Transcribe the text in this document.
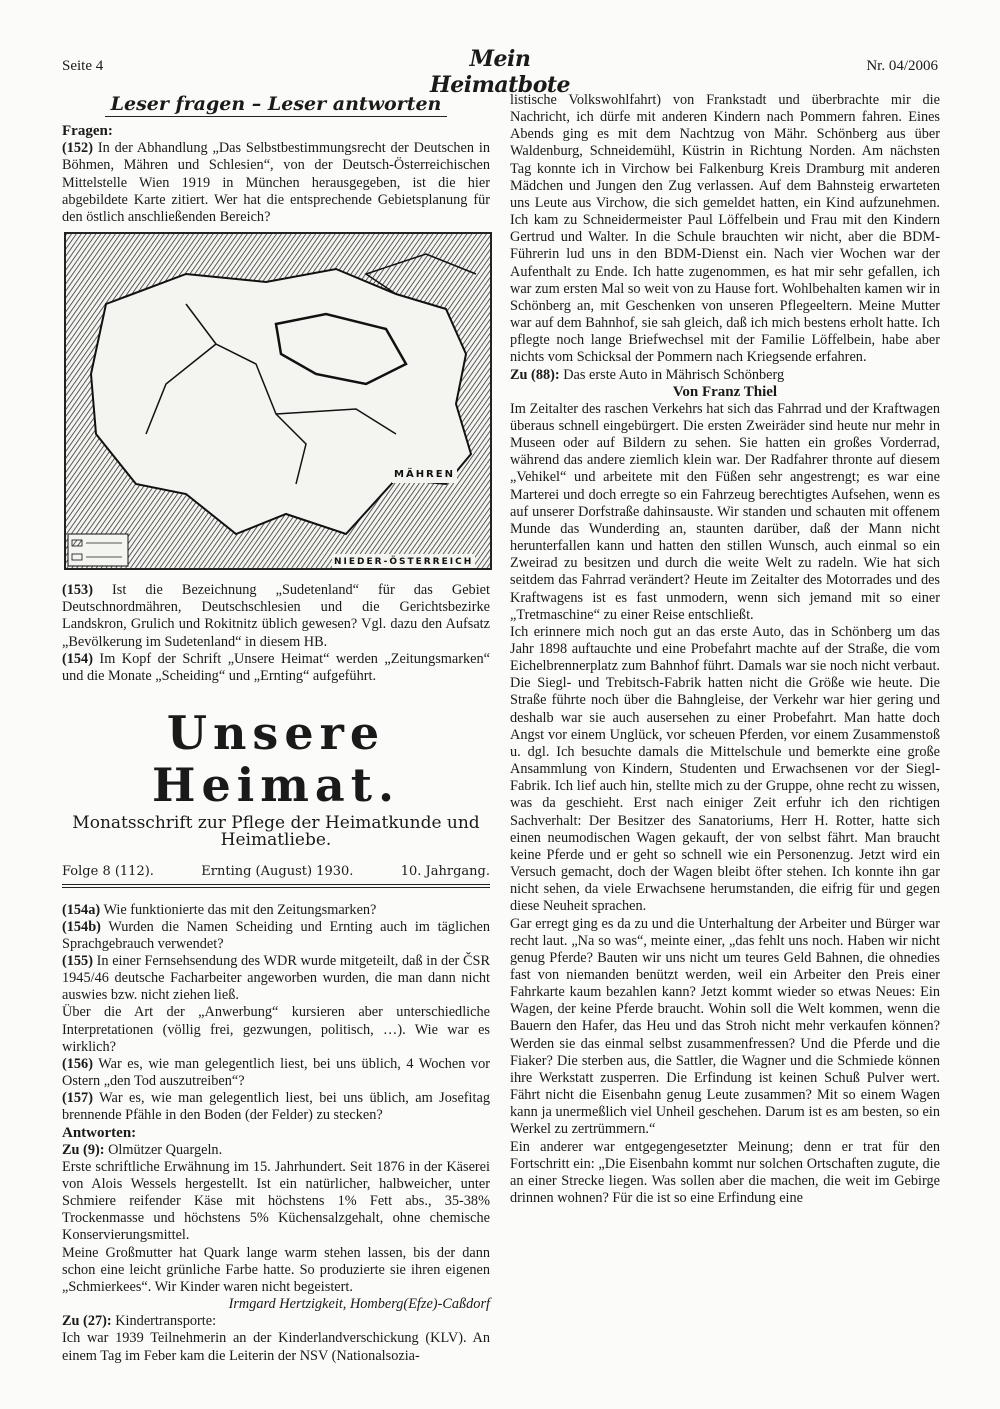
Seite 4	Mein Heimatbote
Nr. 04/2006
Leser fragen – Leser antworten

Fragen:

(152) In der Abhandlung „Das Selbstbestimmungsrecht der Deutschen in Böhmen, Mähren und Schlesien“, von der Deutsch-Österreichischen Mittelstelle Wien 1919 in München herausgegeben, ist die hier abgebildete Karte zitiert. Wer hat die entsprechende Gebietsplanung für den östlich anschließenden Bereich?

MÄHREN
NIEDER-ÖSTERREICH

(153) Ist die Bezeichnung „Sudetenland“ für das Gebiet Deutschnordmähren, Deutschschlesien und die Gerichtsbezirke Landskron, Grulich und Rokitnitz üblich gewesen? Vgl. dazu den Aufsatz „Bevölkerung im Sudetenland“ in diesem HB.

(154) Im Kopf der Schrift „Unsere Heimat“ werden „Zeitungsmarken“ und die Monate „Scheiding“ und „Ernting“ aufgeführt.

Unsere Heimat.
Monatsschrift zur Pflege der Heimatkunde und Heimatliebe.
Folge 8 (112).	Ernting (August) 1930.	10. Jahrgang.

(154a) Wie funktionierte das mit den Zeitungsmarken?

(154b) Wurden die Namen Scheiding und Ernting auch im täglichen Sprachgebrauch verwendet?

(155) In einer Fernsehsendung des WDR wurde mitgeteilt, daß in der ČSR 1945/46 deutsche Facharbeiter angeworben wurden, die man dann nicht auswies bzw. nicht ziehen ließ.

Über die Art der „Anwerbung“ kursieren aber unterschiedliche Interpretationen (völlig frei, gezwungen, politisch, …). Wie war es wirklich?

(156) War es, wie man gelegentlich liest, bei uns üblich, 4 Wochen vor Ostern „den Tod auszutreiben“?

(157) War es, wie man gelegentlich liest, bei uns üblich, am Josefitag brennende Pfähle in den Boden (der Felder) zu stecken?

Antworten:

Zu (9): Olmützer Quargeln.

Erste schriftliche Erwähnung im 15. Jahrhundert. Seit 1876 in der Käserei von Alois Wessels hergestellt. Ist ein natürlicher, halbweicher, unter Schmiere reifender Käse mit höchstens 1% Fett abs., 35-38% Trockenmasse und höchstens 5% Küchensalzgehalt, ohne chemische Konservierungsmittel.

Meine Großmutter hat Quark lange warm stehen lassen, bis der dann schon eine leicht grünliche Farbe hatte. So produzierte sie ihren eigenen „Schmierkees“. Wir Kinder waren nicht begeistert.

Irmgard Hertzigkeit, Homberg(Efze)-Caßdorf

Zu (27): Kindertransporte:

Ich war 1939 Teilnehmerin an der Kinderlandverschickung (KLV). An einem Tag im Feber kam die Leiterin der NSV (Nationalsozia-

listische Volkswohlfahrt) von Frankstadt und überbrachte mir die Nachricht, ich dürfe mit anderen Kindern nach Pommern fahren. Eines Abends ging es mit dem Nachtzug von Mähr. Schönberg aus über Waldenburg, Schneidemühl, Küstrin in Richtung Norden. Am nächsten Tag konnte ich in Virchow bei Falkenburg Kreis Dramburg mit anderen Mädchen und Jungen den Zug verlassen. Auf dem Bahnsteig erwarteten uns Leute aus Virchow, die sich gemeldet hatten, ein Kind aufzunehmen. Ich kam zu Schneidermeister Paul Löffelbein und Frau mit den Kindern Gertrud und Walter. In die Schule brauchten wir nicht, aber die BDM-Führerin lud uns in den BDM-Dienst ein. Nach vier Wochen war der Aufenthalt zu Ende. Ich hatte zugenommen, es hat mir sehr gefallen, ich war zum ersten Mal so weit von zu Hause fort. Wohlbehalten kamen wir in Schönberg an, mit Geschenken von unseren Pflegeeltern. Meine Mutter war auf dem Bahnhof, sie sah gleich, daß ich mich bestens erholt hatte. Ich pflegte noch lange Briefwechsel mit der Familie Löffelbein, habe aber nichts vom Schicksal der Pommern nach Kriegsende erfahren.

Zu (88): Das erste Auto in Mährisch Schönberg

Von Franz Thiel

Im Zeitalter des raschen Verkehrs hat sich das Fahrrad und der Kraftwagen überaus schnell eingebürgert. Die ersten Zweiräder sind heute nur mehr in Museen oder auf Bildern zu sehen. Sie hatten ein großes Vorderrad, während das andere ziemlich klein war. Der Radfahrer thronte auf diesem „Vehikel“ und arbeitete mit den Füßen sehr angestrengt; es war eine Marterei und doch erregte so ein Fahrzeug berechtigtes Aufsehen, wenn es auf unserer Dorfstraße dahinsauste. Wir standen und schauten mit offenem Munde das Wunderding an, staunten darüber, daß der Mann nicht herunterfallen kann und hatten den stillen Wunsch, auch einmal so ein Zweirad zu besitzen und durch die weite Welt zu radeln. Wie hat sich seitdem das Fahrrad verändert? Heute im Zeitalter des Motorrades und des Kraftwagens ist es fast unmodern, wenn sich jemand mit so einer „Tretmaschine“ zu einer Reise entschließt.

Ich erinnere mich noch gut an das erste Auto, das in Schönberg um das Jahr 1898 auftauchte und eine Probefahrt machte auf der Straße, die vom Eichelbrennerplatz zum Bahnhof führt. Damals war sie noch nicht verbaut. Die Siegl- und Trebitsch-Fabrik hatten nicht die Größe wie heute. Die Straße führte noch über die Bahngleise, der Verkehr war hier gering und deshalb war sie auch ausersehen zu einer Probefahrt. Man hatte doch Angst vor einem Unglück, vor scheuen Pferden, vor einem Zusammenstoß u. dgl. Ich besuchte damals die Mittelschule und bemerkte eine große Ansammlung von Kindern, Studenten und Erwachsenen vor der Siegl-Fabrik. Ich lief auch hin, stellte mich zu der Gruppe, ohne recht zu wissen, was da geschieht. Erst nach einiger Zeit erfuhr ich den richtigen Sachverhalt: Der Besitzer des Sanatoriums, Herr H. Rotter, hatte sich einen neumodischen Wagen gekauft, der von selbst fährt. Man braucht keine Pferde und er geht so schnell wie ein Personenzug. Jetzt wird ein Versuch gemacht, doch der Wagen bleibt öfter stehen. Ich konnte ihn gar nicht sehen, da viele Erwachsene herumstanden, die eifrig für und gegen diese Neuheit sprachen.

Gar erregt ging es da zu und die Unterhaltung der Arbeiter und Bürger war recht laut. „Na so was“, meinte einer, „das fehlt uns noch. Haben wir nicht genug Pferde? Bauten wir uns nicht um teures Geld Bahnen, die ohnedies fast von niemanden benützt werden, weil ein Arbeiter den Preis einer Fahrkarte kaum bezahlen kann? Jetzt kommt wieder so etwas Neues: Ein Wagen, der keine Pferde braucht. Wohin soll die Welt kommen, wenn die Bauern den Hafer, das Heu und das Stroh nicht mehr verkaufen können? Werden sie das einmal selbst zusammenfressen? Und die Pferde und die Fiaker? Die sterben aus, die Sattler, die Wagner und die Schmiede können ihre Werkstatt zusperren. Die Erfindung ist keinen Schuß Pulver wert. Fährt nicht die Eisenbahn genug Leute zusammen? Mit so einem Wagen kann ja unermeßlich viel Unheil geschehen. Darum ist es am besten, so ein Werkel zu zertrümmern.“

Ein anderer war entgegengesetzter Meinung; denn er trat für den Fortschritt ein: „Die Eisenbahn kommt nur solchen Ortschaften zugute, die an einer Strecke liegen. Was sollen aber die machen, die weit im Gebirge drinnen wohnen? Für die ist so eine Erfindung eine
